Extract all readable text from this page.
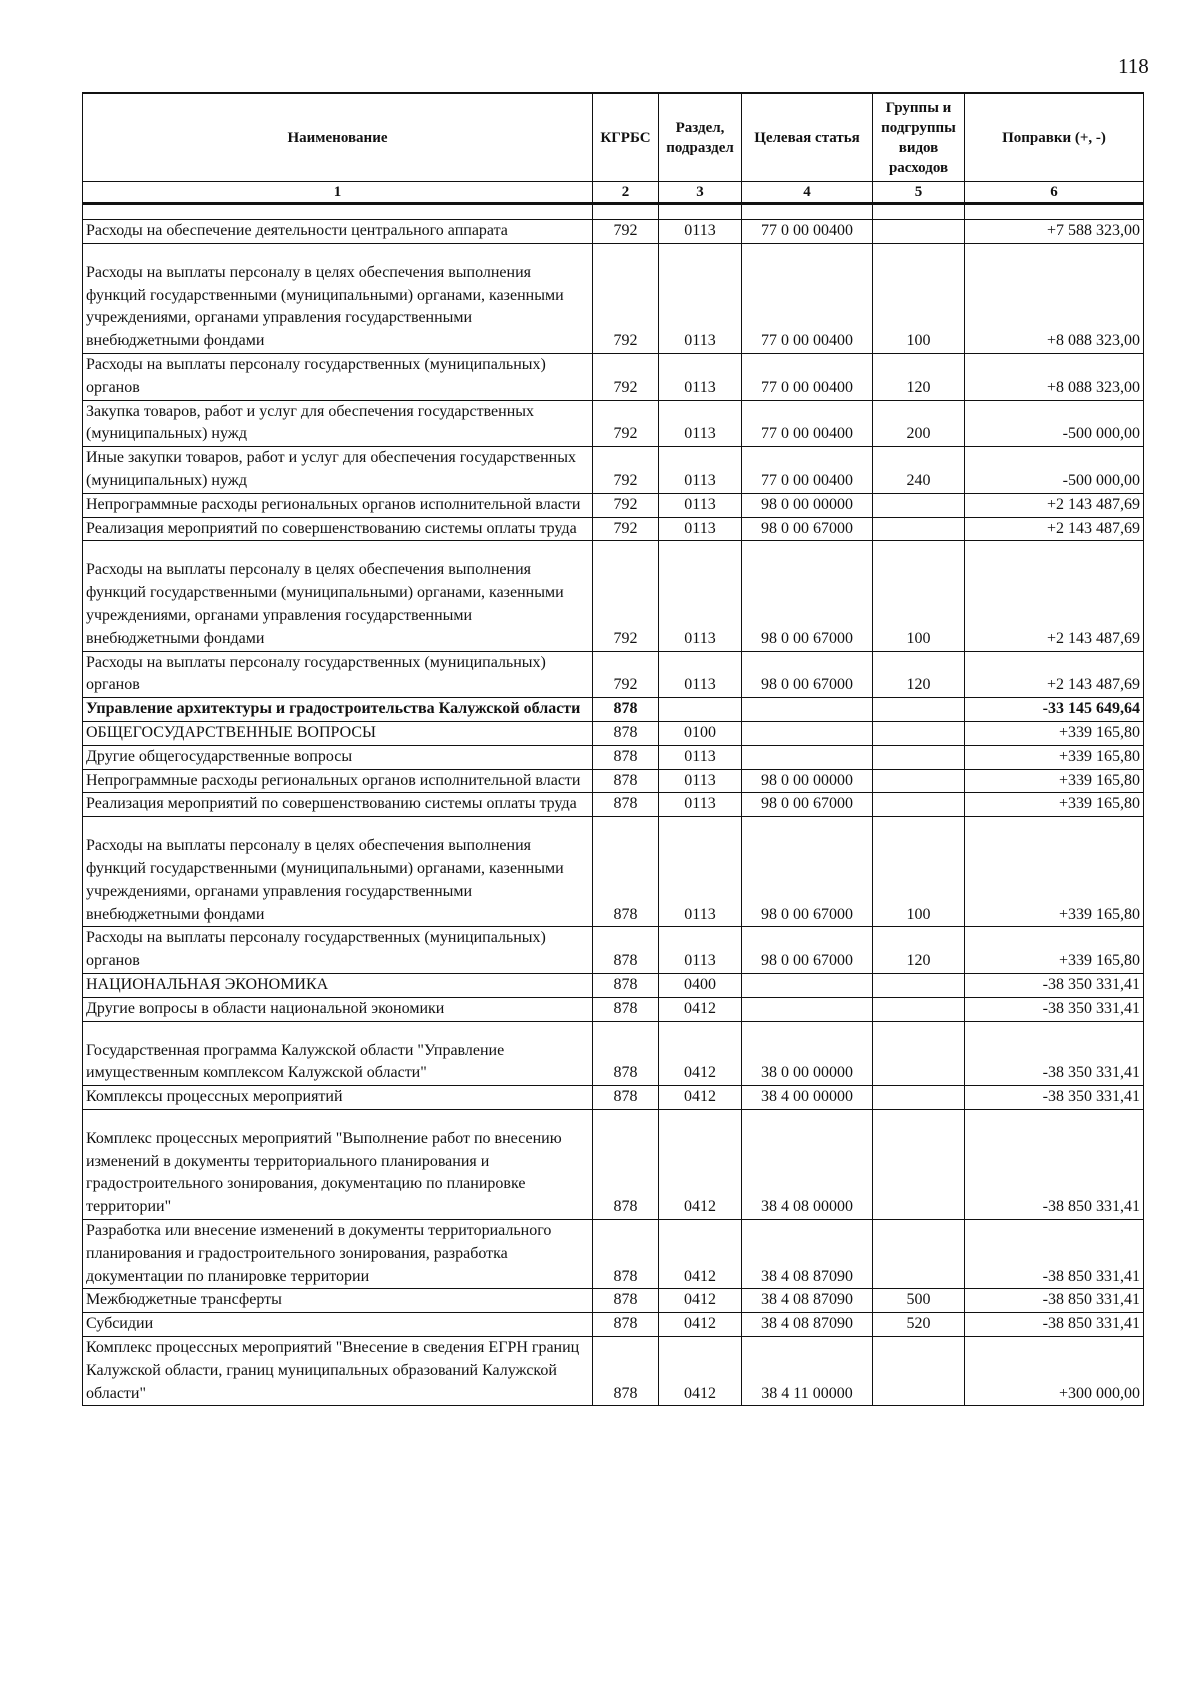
118
Наименование	КГРБС	Раздел, подраздел	Целевая статья	Группы и подгруппы видов расходов	Поправки (+, -)
1	2	3	4	5	6

Расходы на обеспечение деятельности центрального аппарата	792	0113	77 0 00 00400		+7 588 323,00
Расходы на выплаты персоналу в целях обеспечения выполнения функций государственными (муниципальными) органами, казенными учреждениями, органами управления государственными внебюджетными фондами	792	0113	77 0 00 00400	100	+8 088 323,00
Расходы на выплаты персоналу государственных (муниципальных) органов	792	0113	77 0 00 00400	120	+8 088 323,00
Закупка товаров, работ и услуг для обеспечения государственных (муниципальных) нужд	792	0113	77 0 00 00400	200	-500 000,00
Иные закупки товаров, работ и услуг для обеспечения государственных (муниципальных) нужд	792	0113	77 0 00 00400	240	-500 000,00
Непрограммные расходы региональных органов исполнительной власти	792	0113	98 0 00 00000		+2 143 487,69
Реализация мероприятий по совершенствованию системы оплаты труда	792	0113	98 0 00 67000		+2 143 487,69
Расходы на выплаты персоналу в целях обеспечения выполнения функций государственными (муниципальными) органами, казенными учреждениями, органами управления государственными внебюджетными фондами	792	0113	98 0 00 67000	100	+2 143 487,69
Расходы на выплаты персоналу государственных (муниципальных) органов	792	0113	98 0 00 67000	120	+2 143 487,69
Управление архитектуры и градостроительства Калужской области	878				-33 145 649,64
ОБЩЕГОСУДАРСТВЕННЫЕ ВОПРОСЫ	878	0100			+339 165,80
Другие общегосударственные вопросы	878	0113			+339 165,80
Непрограммные расходы региональных органов исполнительной власти	878	0113	98 0 00 00000		+339 165,80
Реализация мероприятий по совершенствованию системы оплаты труда	878	0113	98 0 00 67000		+339 165,80
Расходы на выплаты персоналу в целях обеспечения выполнения функций государственными (муниципальными) органами, казенными учреждениями, органами управления государственными внебюджетными фондами	878	0113	98 0 00 67000	100	+339 165,80
Расходы на выплаты персоналу государственных (муниципальных) органов	878	0113	98 0 00 67000	120	+339 165,80
НАЦИОНАЛЬНАЯ ЭКОНОМИКА	878	0400			-38 350 331,41
Другие вопросы в области национальной экономики	878	0412			-38 350 331,41
Государственная программа Калужской области "Управление имущественным комплексом Калужской области"	878	0412	38 0 00 00000		-38 350 331,41
Комплексы процессных мероприятий	878	0412	38 4 00 00000		-38 350 331,41
Комплекс процессных мероприятий "Выполнение работ по внесению изменений в документы территориального планирования и градостроительного зонирования, документацию по планировке территории"	878	0412	38 4 08 00000		-38 850 331,41
Разработка или внесение изменений в документы территориального планирования и градостроительного зонирования, разработка документации по планировке территории	878	0412	38 4 08 87090		-38 850 331,41
Межбюджетные трансферты	878	0412	38 4 08 87090	500	-38 850 331,41
Субсидии	878	0412	38 4 08 87090	520	-38 850 331,41
Комплекс процессных мероприятий "Внесение в сведения ЕГРН границ Калужской области, границ муниципальных образований Калужской области"	878	0412	38 4 11 00000		+300 000,00
